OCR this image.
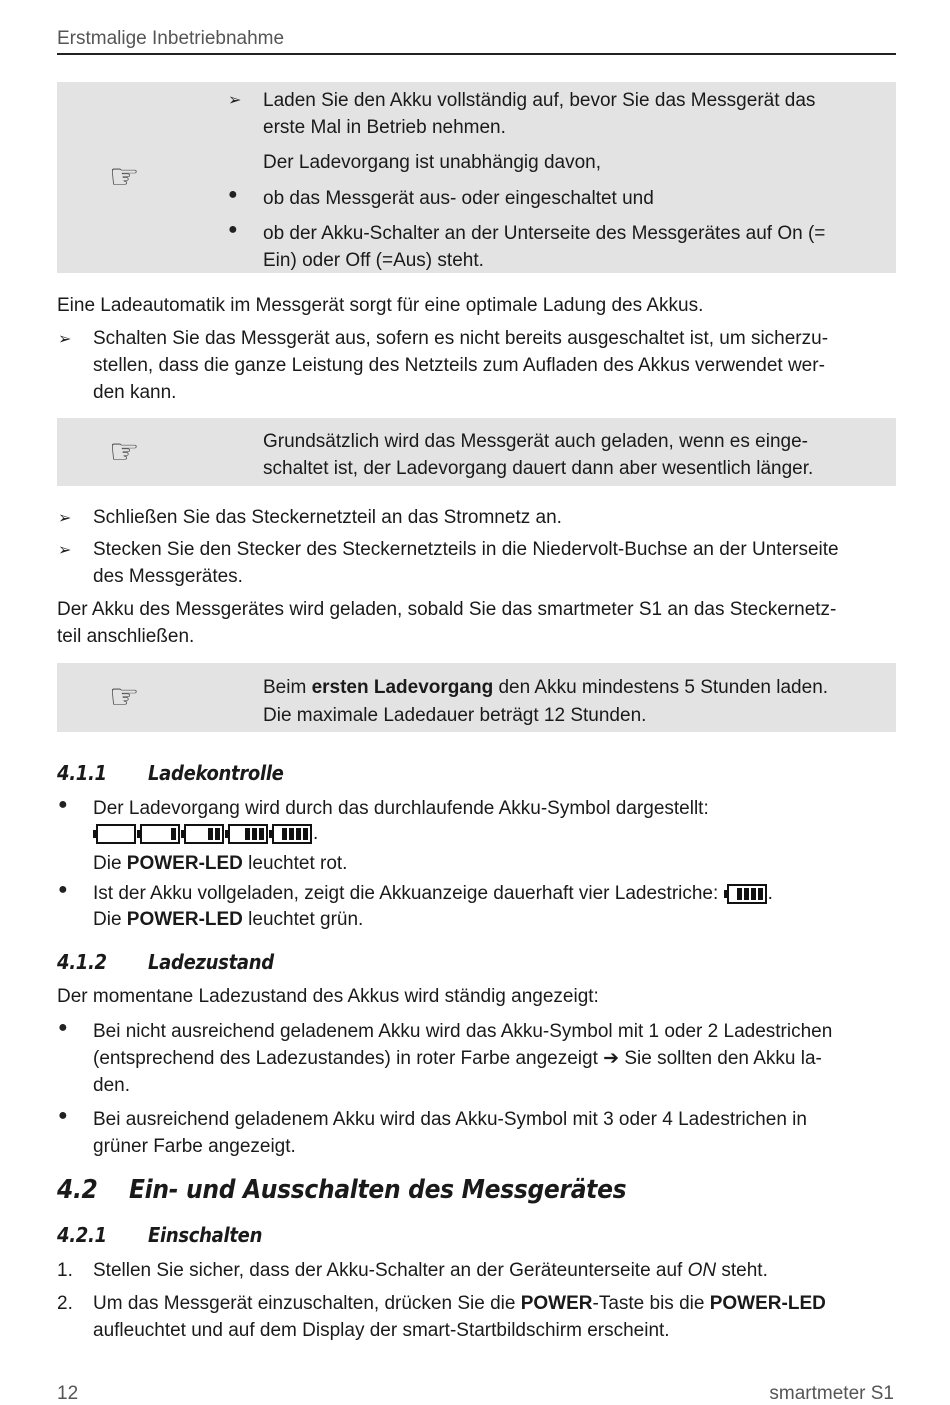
Erstmalige Inbetriebnahme
☞
➢ Laden Sie den Akku vollständig auf, bevor Sie das Messgerät das
erste Mal in Betrieb nehmen.
Der Ladevorgang ist unabhängig davon,
● ob das Messgerät aus- oder eingeschaltet und
● ob der Akku-Schalter an der Unterseite des Messgerätes auf On (=
Ein) oder Off (=Aus) steht.
Eine Ladeautomatik im Messgerät sorgt für eine optimale Ladung des Akkus.
➢ Schalten Sie das Messgerät aus, sofern es nicht bereits ausgeschaltet ist, um sicherzu-
stellen, dass die ganze Leistung des Netzteils zum Aufladen des Akkus verwendet wer-
den kann.
☞	Grundsätzlich wird das Messgerät auch geladen, wenn es einge-
schaltet ist, der Ladevorgang dauert dann aber wesentlich länger.
➢ Schließen Sie das Steckernetzteil an das Stromnetz an.
➢ Stecken Sie den Stecker des Steckernetzteils in die Niedervolt-Buchse an der Unterseite
des Messgerätes.
Der Akku des Messgerätes wird geladen, sobald Sie das smartmeter S1 an das Steckernetz-
teil anschließen.
☞	Beim ersten Ladevorgang den Akku mindestens 5 Stunden laden.
Die maximale Ladedauer beträgt 12 Stunden.
4.1.1 Ladekontrolle
● Der Ladevorgang wird durch das durchlaufende Akku-Symbol dargestellt:
.
Die POWER-LED leuchtet rot.
● Ist der Akku vollgeladen, zeigt die Akkuanzeige dauerhaft vier Ladestriche:	.
Die POWER-LED leuchtet grün.
4.1.2 Ladezustand
Der momentane Ladezustand des Akkus wird ständig angezeigt:
● Bei nicht ausreichend geladenem Akku wird das Akku-Symbol mit 1 oder 2 Ladestrichen
(entsprechend des Ladezustandes) in roter Farbe angezeigt ➔ Sie sollten den Akku la-
den.
● Bei ausreichend geladenem Akku wird das Akku-Symbol mit 3 oder 4 Ladestrichen in
grüner Farbe angezeigt.
4.2 Ein- und Ausschalten des Messgerätes
4.2.1 Einschalten
1. Stellen Sie sicher, dass der Akku-Schalter an der Geräteunterseite auf ON steht.
2. Um das Messgerät einzuschalten, drücken Sie die POWER-Taste bis die POWER-LED
aufleuchtet und auf dem Display der smart-Startbildschirm erscheint.
12	smartmeter S1
